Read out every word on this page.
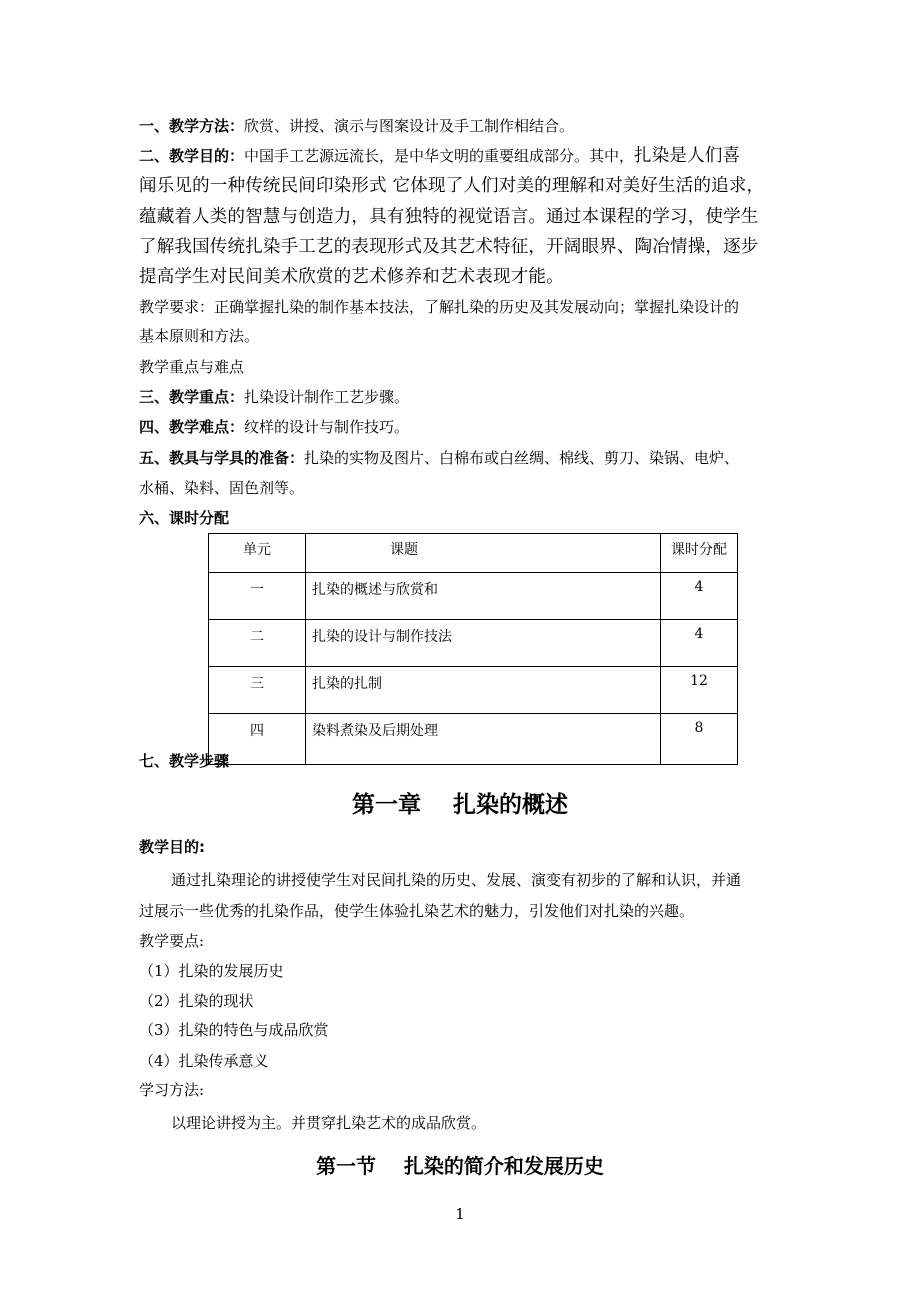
一、教学方法：欣赏、讲授、演示与图案设计及手工制作相结合。

二、教学目的：中国手工艺源远流长，是中华文明的重要组成部分。其中，扎染是人们喜

闻乐见的一种传统民间印染形式 它体现了人们对美的理解和对美好生活的追求，

蕴藏着人类的智慧与创造力，具有独特的视觉语言。通过本课程的学习，使学生

了解我国传统扎染手工艺的表现形式及其艺术特征，开阔眼界、陶冶情操，逐步

提高学生对民间美术欣赏的艺术修养和艺术表现才能。

教学要求：正确掌握扎染的制作基本技法，了解扎染的历史及其发展动向；掌握扎染设计的

基本原则和方法。

教学重点与难点

三、教学重点：扎染设计制作工艺步骤。

四、教学难点：纹样的设计与制作技巧。

五、教具与学具的准备：扎染的实物及图片、白棉布或白丝绸、棉线、剪刀、染锅、电炉、

水桶、染料、固色剂等。

六、课时分配

单元	课题	课时分配
一	扎染的概述与欣赏和	4
二	扎染的设计与制作技法	4
三	扎染的扎制	12
四	染料煮染及后期处理	8

七、教学步骤

第一章    扎染的概述

教学目的:

通过扎染理论的讲授使学生对民间扎染的历史、发展、演变有初步的了解和认识，并通

过展示一些优秀的扎染作品，使学生体验扎染艺术的魅力，引发他们对扎染的兴趣。

教学要点:

（1）扎染的发展历史

（2）扎染的现状

（3）扎染的特色与成品欣赏

（4）扎染传承意义

学习方法:

以理论讲授为主。并贯穿扎染艺术的成品欣赏。

第一节    扎染的简介和发展历史
1
